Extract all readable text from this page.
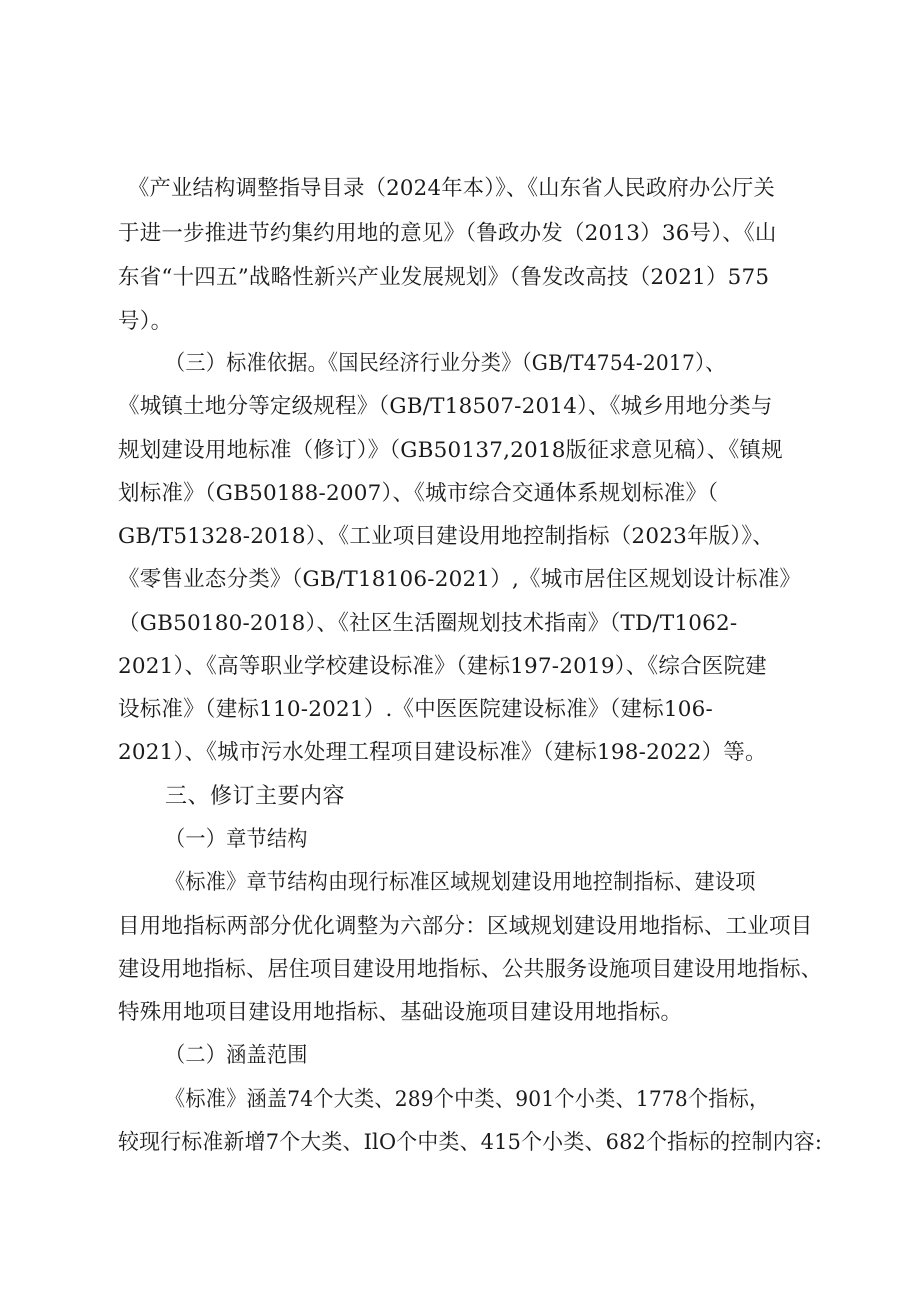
《产业结构调整指导目录（2024年本）》、《山东省人民政府办公厅关
于进一步推进节约集约用地的意见》（鲁政办发（2013）36号）、《山
东省“十四五”战略性新兴产业发展规划》（鲁发改高技（2021）575
号）。
（三）标准依据。《国民经济行业分类》（GB/T4754-2017）、
《城镇土地分等定级规程》（GB/T18507-2014）、《城乡用地分类与
规划建设用地标准（修订）》（GB50137,2018版征求意见稿）、《镇规
划标准》（GB50188-2007）、《城市综合交通体系规划标准》（
GB/T51328-2018）、《工业项目建设用地控制指标（2023年版）》、
《零售业态分类》（GB/T18106-2021）,《城市居住区规划设计标准》
（GB50180-2018）、《社区生活圈规划技术指南》（TD/T1062-
2021）、《高等职业学校建设标准》（建标197-2019）、《综合医院建
设标准》（建标110-2021）.《中医医院建设标准》（建标106-
2021）、《城市污水处理工程项目建设标准》（建标198-2022）等。
三、修订主要内容
（一）章节结构
《标准》章节结构由现行标准区域规划建设用地控制指标、建设项
目用地指标两部分优化调整为六部分：区域规划建设用地指标、工业项目
建设用地指标、居住项目建设用地指标、公共服务设施项目建设用地指标、
特殊用地项目建设用地指标、基础设施项目建设用地指标。
（二）涵盖范围
《标准》涵盖74个大类、289个中类、901个小类、1778个指标，
较现行标准新增7个大类、IlO个中类、415个小类、682个指标的控制内容:
